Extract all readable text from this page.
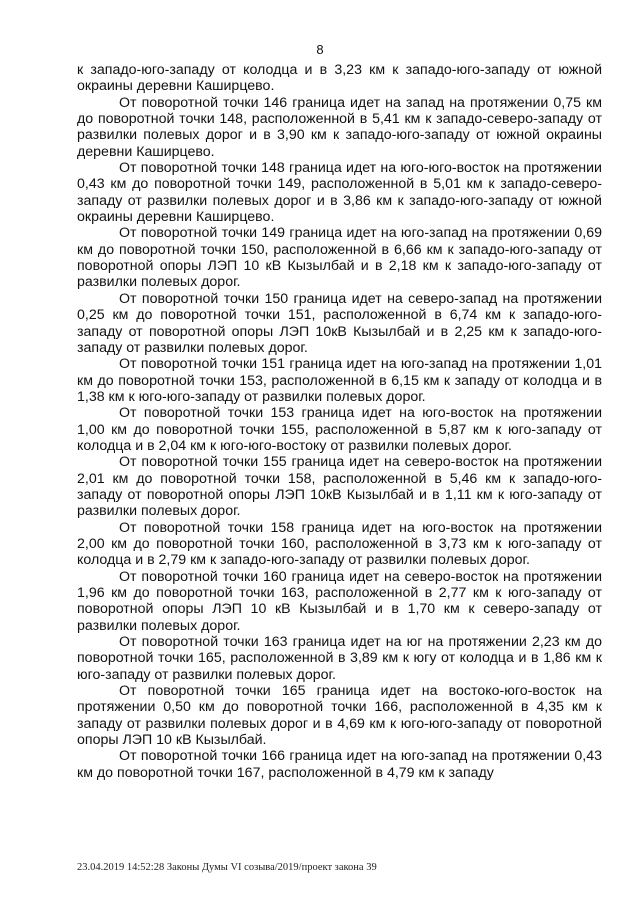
8

к западо-юго-западу от колодца и в 3,23 км к западо-юго-западу от южной окраины деревни Каширцево.

От поворотной точки 146 граница идет на запад на протяжении 0,75 км до поворотной точки 148, расположенной в 5,41 км к западо-северо-западу от развилки полевых дорог и в 3,90 км к западо-юго-западу от южной окраины деревни Каширцево.

От поворотной точки 148 граница идет на юго-юго-восток на протяжении 0,43 км до поворотной точки 149, расположенной в 5,01 км к западо-северо-западу от развилки полевых дорог и в 3,86 км к западо-юго-западу от южной окраины деревни Каширцево.

От поворотной точки 149 граница идет на юго-запад на протяжении 0,69 км до поворотной точки 150, расположенной в 6,66 км к западо-юго-западу от поворотной опоры ЛЭП 10 кВ Кызылбай и в 2,18 км к западо-юго-западу от развилки полевых дорог.

От поворотной точки 150 граница идет на северо-запад на протяжении 0,25 км до поворотной точки 151, расположенной в 6,74 км к западо-юго-западу от поворотной опоры ЛЭП 10кВ Кызылбай и в 2,25 км к западо-юго-западу от развилки полевых дорог.

От поворотной точки 151 граница идет на юго-запад на протяжении 1,01 км до поворотной точки 153, расположенной в 6,15 км к западу от колодца и в 1,38 км к юго-юго-западу от развилки полевых дорог.

От поворотной точки 153 граница идет на юго-восток на протяжении 1,00 км до поворотной точки 155, расположенной в 5,87 км к юго-западу от колодца и в 2,04 км к юго-юго-востоку от развилки полевых дорог.

От поворотной точки 155 граница идет на северо-восток на протяжении 2,01 км до поворотной точки 158, расположенной в 5,46 км к западо-юго-западу от поворотной опоры ЛЭП 10кВ Кызылбай и в 1,11 км к юго-западу от развилки полевых дорог.

От поворотной точки 158 граница идет на юго-восток на протяжении 2,00 км до поворотной точки 160, расположенной в 3,73 км к юго-западу от колодца и в 2,79 км к западо-юго-западу от развилки полевых дорог.

От поворотной точки 160 граница идет на северо-восток на протяжении 1,96 км до поворотной точки 163, расположенной в 2,77 км к юго-западу от поворотной опоры ЛЭП 10 кВ Кызылбай и в 1,70 км к северо-западу от развилки полевых дорог.

От поворотной точки 163 граница идет на юг на протяжении 2,23 км до поворотной точки 165, расположенной в 3,89 км к югу от колодца и в 1,86 км к юго-западу от развилки полевых дорог.

От поворотной точки 165 граница идет на востоко-юго-восток на протяжении 0,50 км до поворотной точки 166, расположенной в 4,35 км к западу от развилки полевых дорог и в 4,69 км к юго-юго-западу от поворотной опоры ЛЭП 10 кВ Кызылбай.

От поворотной точки 166 граница идет на юго-запад на протяжении 0,43 км до поворотной точки 167, расположенной в 4,79 км к западу

23.04.2019 14:52:28 Законы Думы VI созыва/2019/проект закона 39
